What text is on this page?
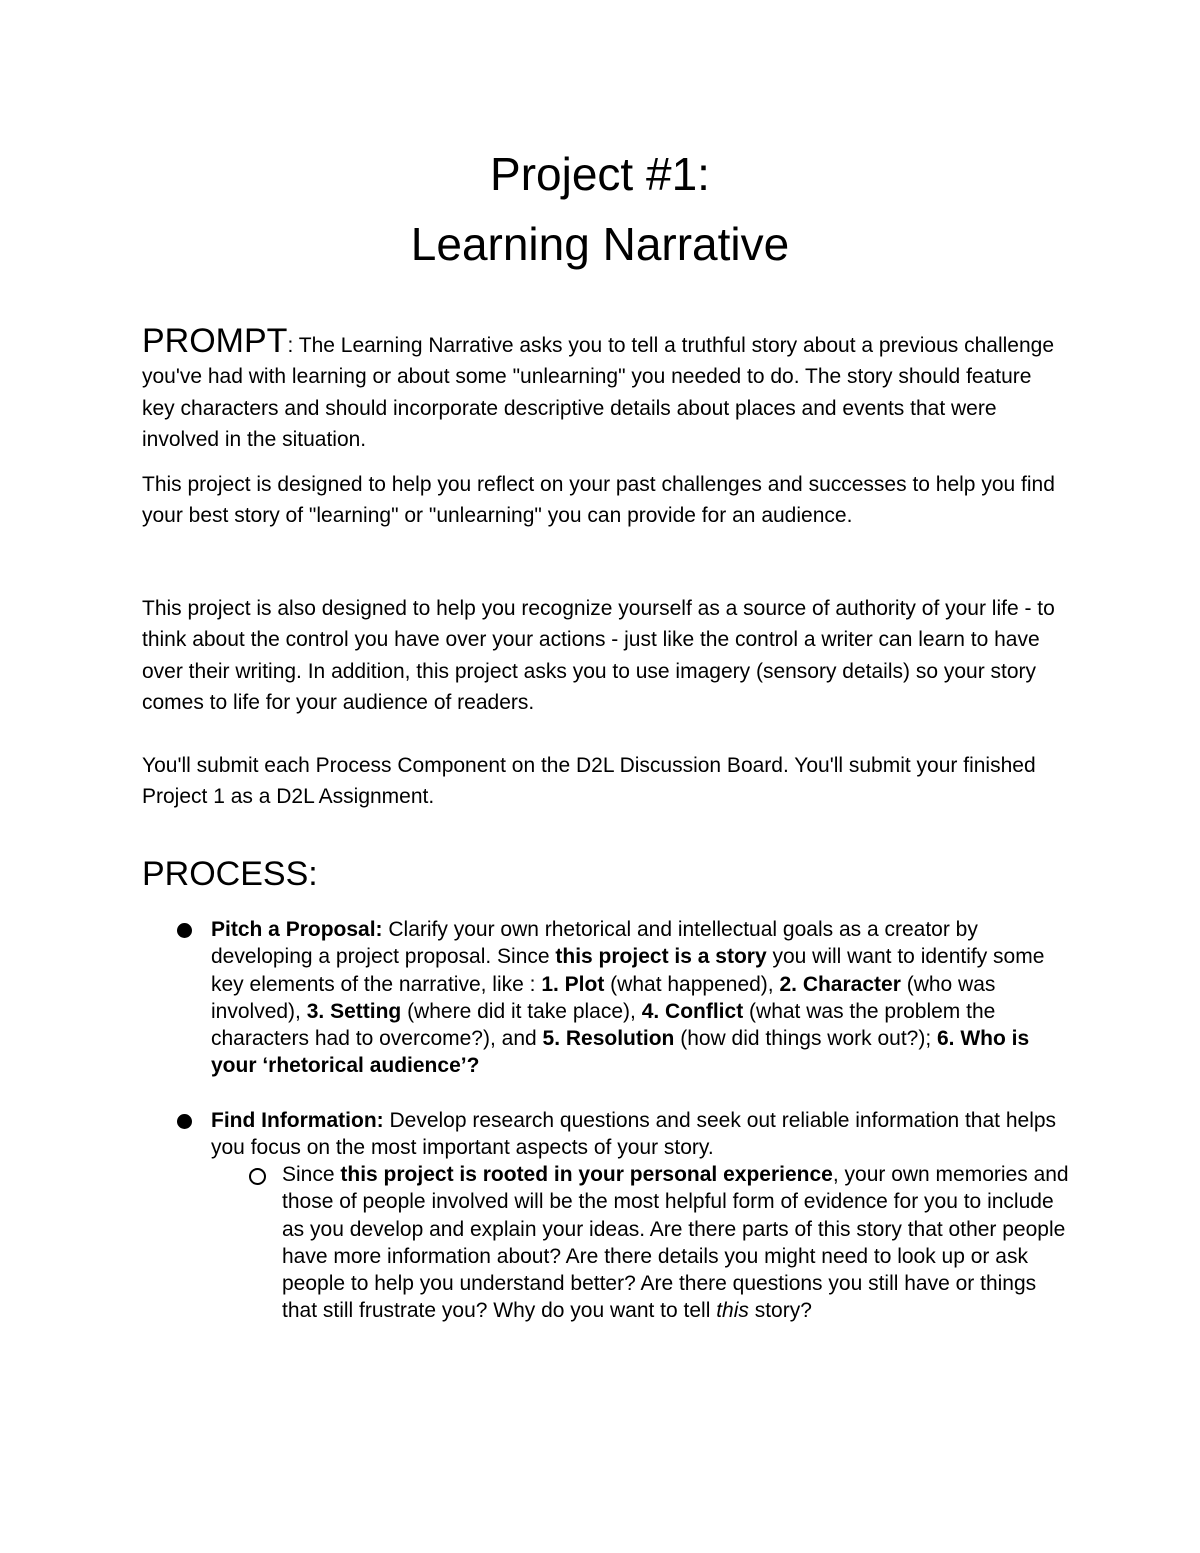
Project #1:
Learning Narrative

PROMPT: The Learning Narrative asks you to tell a truthful story about a previous challenge you've had with learning or about some "unlearning" you needed to do. The story should feature key characters and should incorporate descriptive details about places and events that were involved in the situation.

This project is designed to help you reflect on your past challenges and successes to help you find your best story of "learning" or "unlearning" you can provide for an audience.

This project is also designed to help you recognize yourself as a source of authority of your life - to think about the control you have over your actions - just like the control a writer can learn to have over their writing. In addition, this project asks you to use imagery (sensory details) so your story comes to life for your audience of readers.

You'll submit each Process Component on the D2L Discussion Board. You'll submit your finished Project 1 as a D2L Assignment.

PROCESS:

Pitch a Proposal: Clarify your own rhetorical and intellectual goals as a creator by developing a project proposal. Since this project is a story you will want to identify some key elements of the narrative, like : 1. Plot (what happened), 2. Character (who was involved), 3. Setting (where did it take place), 4. Conflict (what was the problem the characters had to overcome?), and 5. Resolution (how did things work out?); 6. Who is your ‘rhetorical audience’?

Find Information: Develop research questions and seek out reliable information that helps you focus on the most important aspects of your story.

Since this project is rooted in your personal experience, your own memories and those of people involved will be the most helpful form of evidence for you to include as you develop and explain your ideas. Are there parts of this story that other people have more information about? Are there details you might need to look up or ask people to help you understand better? Are there questions you still have or things that still frustrate you? Why do you want to tell this story?
